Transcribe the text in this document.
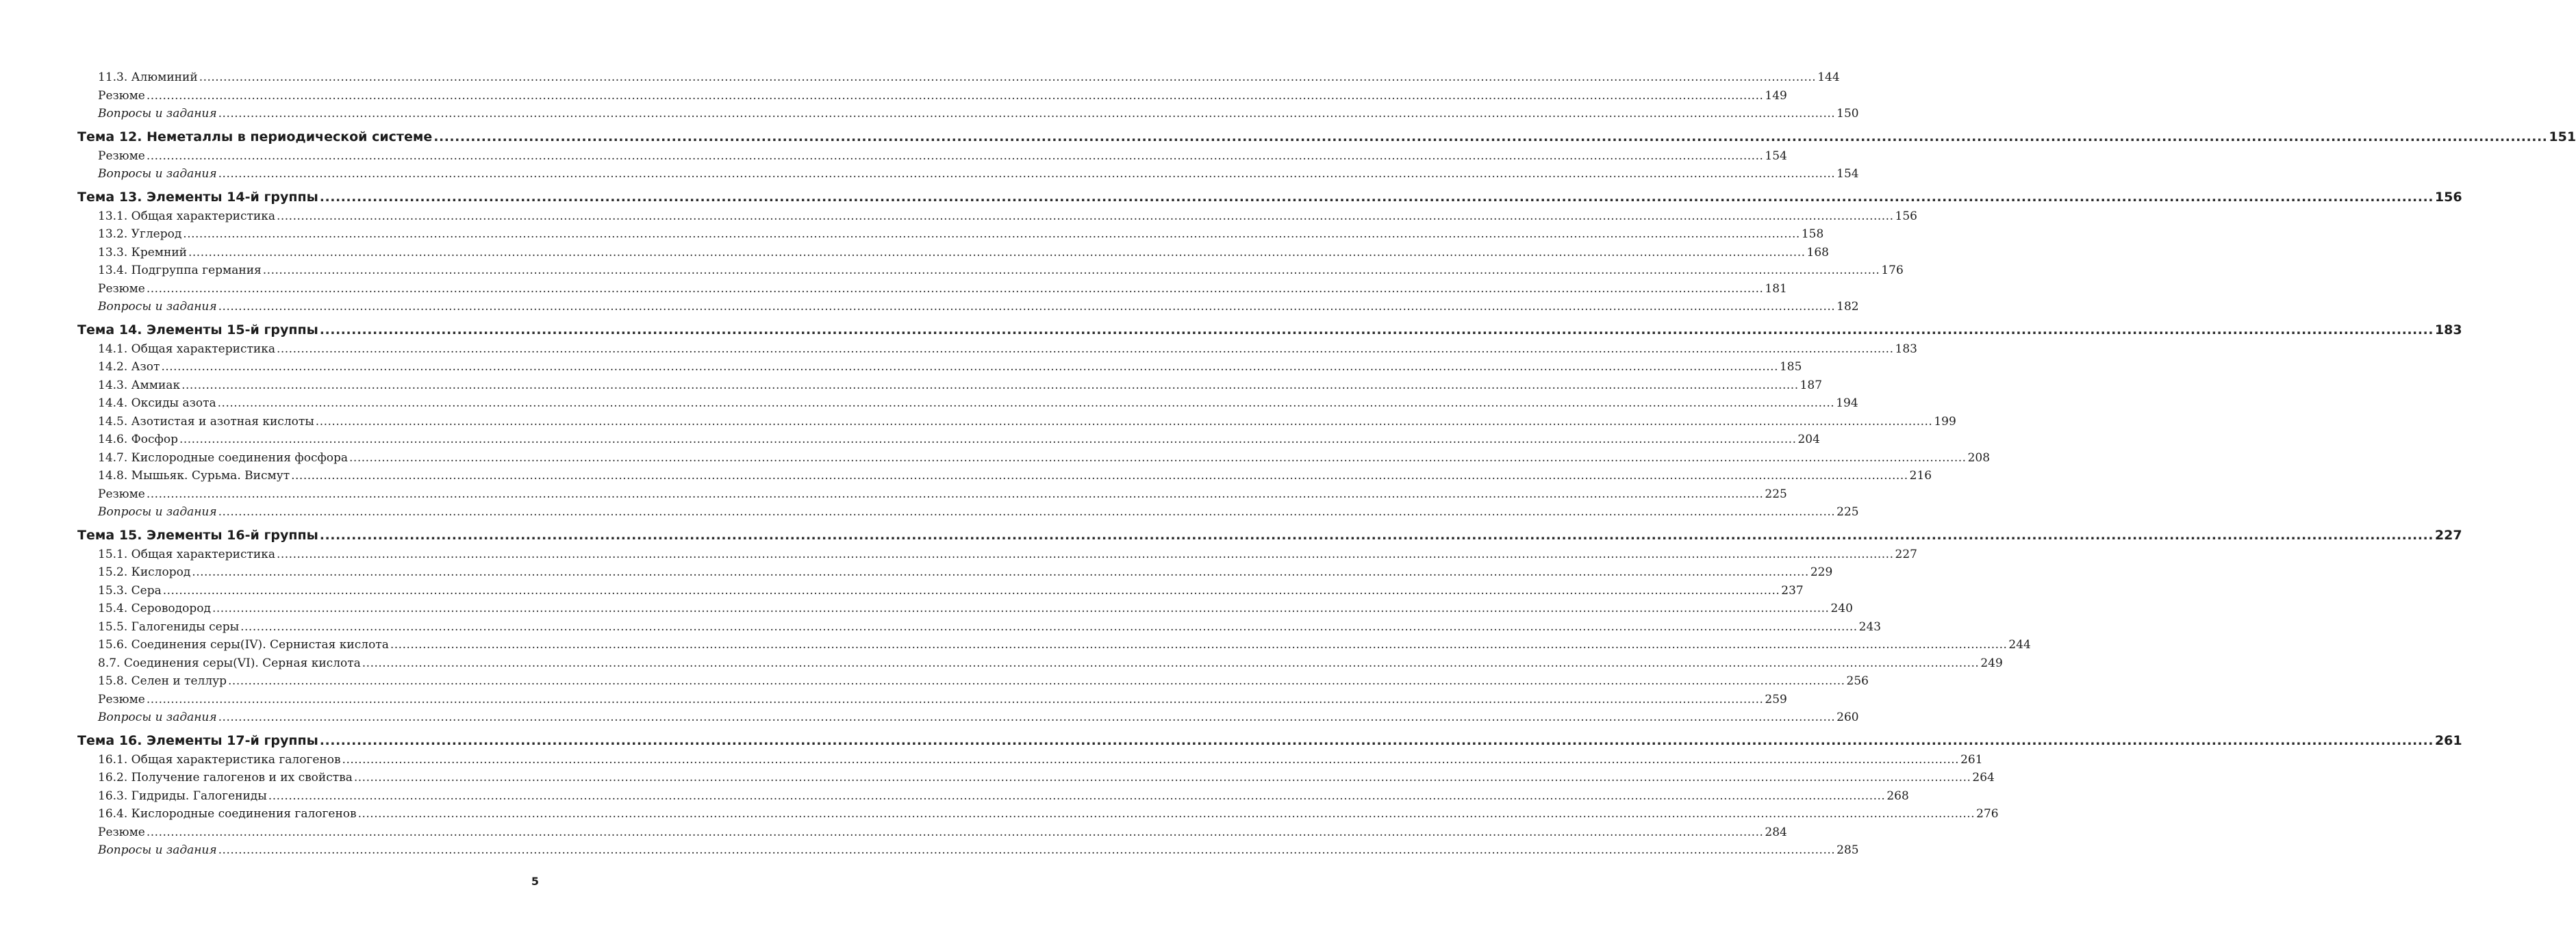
11.3. Алюминий ................................................................................................................................................................................................................................................................................................................................................................................................................ 144
Резюме ................................................................................................................................................................................................................................................................................................................................................................................................................ 149
Вопросы и задания ................................................................................................................................................................................................................................................................................................................................................................................................................ 150
Тема 12. Неметаллы в периодической системе ................................................................................................................................................................................................................................................................................................................................................................................................................ 151
Резюме ................................................................................................................................................................................................................................................................................................................................................................................................................ 154
Вопросы и задания ................................................................................................................................................................................................................................................................................................................................................................................................................ 154
Тема 13. Элементы 14-й группы ................................................................................................................................................................................................................................................................................................................................................................................................................ 156
13.1. Общая характеристика ................................................................................................................................................................................................................................................................................................................................................................................................................ 156
13.2. Углерод ................................................................................................................................................................................................................................................................................................................................................................................................................ 158
13.3. Кремний ................................................................................................................................................................................................................................................................................................................................................................................................................ 168
13.4. Подгруппа германия ................................................................................................................................................................................................................................................................................................................................................................................................................ 176
Резюме ................................................................................................................................................................................................................................................................................................................................................................................................................ 181
Вопросы и задания ................................................................................................................................................................................................................................................................................................................................................................................................................ 182
Тема 14. Элементы 15-й группы ................................................................................................................................................................................................................................................................................................................................................................................................................ 183
14.1. Общая характеристика ................................................................................................................................................................................................................................................................................................................................................................................................................ 183
14.2. Азот ................................................................................................................................................................................................................................................................................................................................................................................................................ 185
14.3. Аммиак ................................................................................................................................................................................................................................................................................................................................................................................................................ 187
14.4. Оксиды азота ................................................................................................................................................................................................................................................................................................................................................................................................................ 194
14.5. Азотистая и азотная кислоты ................................................................................................................................................................................................................................................................................................................................................................................................................ 199
14.6. Фосфор ................................................................................................................................................................................................................................................................................................................................................................................................................ 204
14.7. Кислородные соединения фосфора ................................................................................................................................................................................................................................................................................................................................................................................................................ 208
14.8. Мышьяк. Сурьма. Висмут ................................................................................................................................................................................................................................................................................................................................................................................................................ 216
Резюме ................................................................................................................................................................................................................................................................................................................................................................................................................ 225
Вопросы и задания ................................................................................................................................................................................................................................................................................................................................................................................................................ 225
Тема 15. Элементы 16-й группы ................................................................................................................................................................................................................................................................................................................................................................................................................ 227
15.1. Общая характеристика ................................................................................................................................................................................................................................................................................................................................................................................................................ 227
15.2. Кислород ................................................................................................................................................................................................................................................................................................................................................................................................................ 229
15.3. Сера ................................................................................................................................................................................................................................................................................................................................................................................................................ 237
15.4. Сероводород ................................................................................................................................................................................................................................................................................................................................................................................................................ 240
15.5. Галогениды серы ................................................................................................................................................................................................................................................................................................................................................................................................................ 243
15.6. Соединения серы(IV). Сернистая кислота ................................................................................................................................................................................................................................................................................................................................................................................................................ 244
8.7. Соединения серы(VI). Серная кислота ................................................................................................................................................................................................................................................................................................................................................................................................................ 249
15.8. Селен и теллур ................................................................................................................................................................................................................................................................................................................................................................................................................ 256
Резюме ................................................................................................................................................................................................................................................................................................................................................................................................................ 259
Вопросы и задания ................................................................................................................................................................................................................................................................................................................................................................................................................ 260
Тема 16. Элементы 17-й группы ................................................................................................................................................................................................................................................................................................................................................................................................................ 261
16.1. Общая характеристика галогенов ................................................................................................................................................................................................................................................................................................................................................................................................................ 261
16.2. Получение галогенов и их свойства ................................................................................................................................................................................................................................................................................................................................................................................................................ 264
16.3. Гидриды. Галогениды ................................................................................................................................................................................................................................................................................................................................................................................................................ 268
16.4. Кислородные соединения галогенов ................................................................................................................................................................................................................................................................................................................................................................................................................ 276
Резюме ................................................................................................................................................................................................................................................................................................................................................................................................................ 284
Вопросы и задания ................................................................................................................................................................................................................................................................................................................................................................................................................ 285
5
